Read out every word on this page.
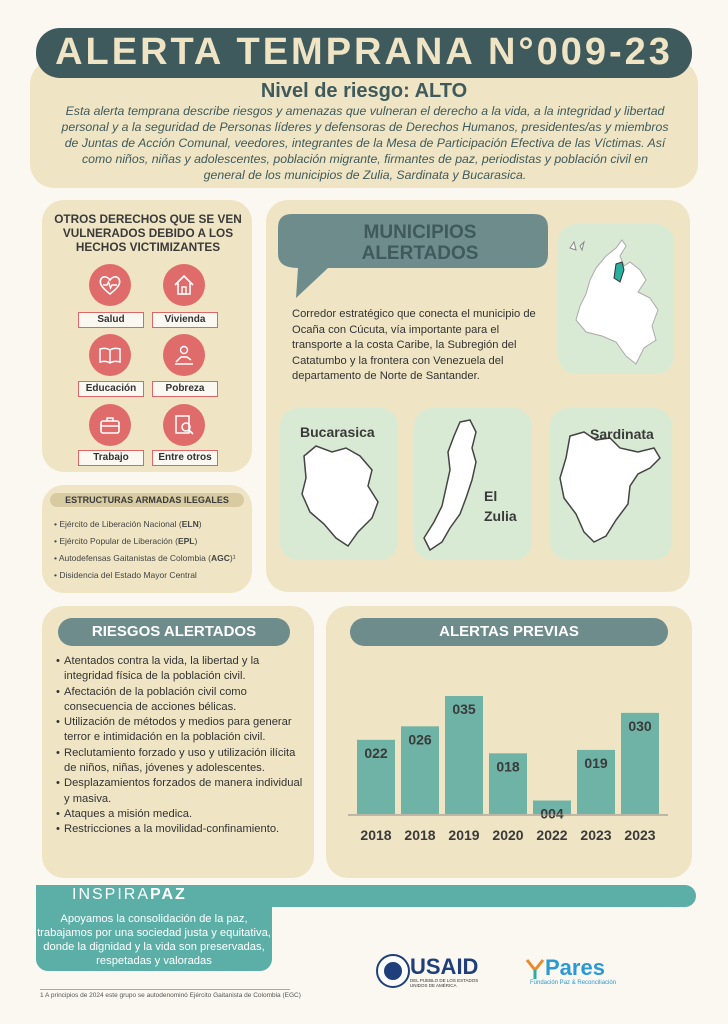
ALERTA TEMPRANA N°009-23
Nivel de riesgo: ALTO
Esta alerta temprana describe riesgos y amenazas que vulneran el derecho a la vida, a la integridad y libertad personal y a la seguridad de Personas líderes y defensoras de Derechos Humanos, presidentes/as y miembros de Juntas de Acción Comunal, veedores, integrantes de la Mesa de Participación Efectiva de las Víctimas. Así como niños, niñas y adolescentes, población migrante, firmantes de paz, periodistas y población civil en general de los municipios de Zulia, Sardinata y Bucarasica.
OTROS DERECHOS QUE SE VEN VULNERADOS DEBIDO A LOS HECHOS VICTIMIZANTES
Salud	Vivienda
Educación	Pobreza
Trabajo	Entre otros
ESTRUCTURAS ARMADAS ILEGALES
• Ejército de Liberación Nacional (ELN)
• Ejército Popular de Liberación (EPL)
• Autodefensas Gaitanistas de Colombia (AGC)¹
• Disidencia del Estado Mayor Central
MUNICIPIOS
ALERTADOS
Corredor estratégico que conecta el municipio de Ocaña con Cúcuta, vía importante para el transporte a la costa Caribe, la Subregión del Catatumbo y la frontera con Venezuela del departamento de Norte de Santander.
Bucarasica
El
Zulia
Sardinata
RIESGOS ALERTADOS
• Atentados contra la vida, la libertad y la integridad física de la población civil.
• Afectación de la población civil como consecuencia de acciones bélicas.
• Utilización de métodos y medios para generar terror e intimidación en la población civil.
• Reclutamiento forzado y uso y utilización ilícita de niños, niñas, jóvenes y adolescentes.
• Desplazamientos forzados de manera individual y masiva.
• Ataques a misión medica.
• Restricciones a la movilidad-confinamiento.
ALERTAS PREVIAS
022
2018
026
2018
035
2019
018
2020
004
2022
019
2023
030
2023
INSPIRAPAZ
Apoyamos la consolidación de la paz, trabajamos por una sociedad justa y equitativa, donde la dignidad y la vida son preservadas, respetadas y valoradas	USAID
DEL PUEBLO DE LOS ESTADOS UNIDOS DE AMÉRICA
Pares
Fundación Paz & Reconciliación
1 A principios de 2024 este grupo se autodenominó Ejército Gaitanista de Colombia (EGC)
